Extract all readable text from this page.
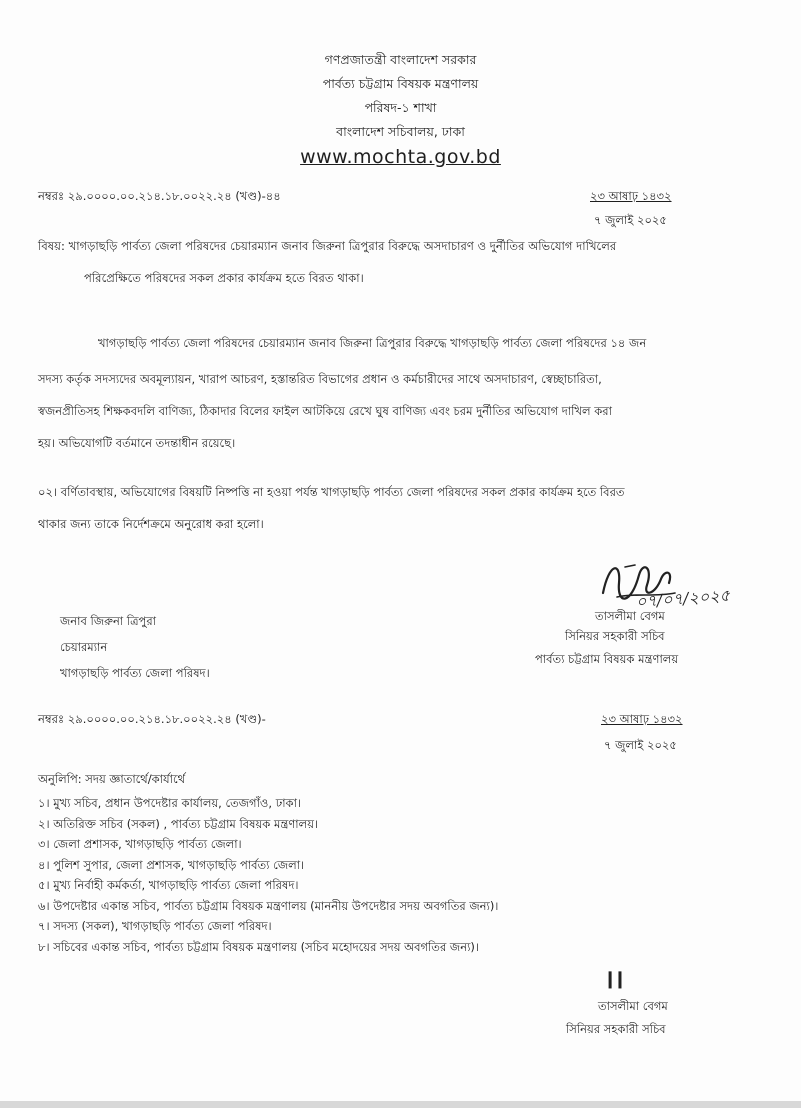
গণপ্রজাতন্ত্রী বাংলাদেশ সরকার
পার্বত্য চট্টগ্রাম বিষয়ক মন্ত্রণালয়
পরিষদ-১ শাখা
বাংলাদেশ সচিবালয়, ঢাকা
www.mochta.gov.bd
নম্বরঃ ২৯.০০০০.০০.২১৪.১৮.০০২২.২৪ (খণ্ড)-৪৪	২৩ আষাঢ় ১৪৩২
৭ জুলাই ২০২৫
বিষয়: খাগড়াছড়ি পার্বত্য জেলা পরিষদের চেয়ারম্যান জনাব জিরুনা ত্রিপুরার বিরুদ্ধে অসদাচারণ ও দুর্নীতির অভিযোগ দাখিলের
পরিপ্রেক্ষিতে পরিষদের সকল প্রকার কার্যক্রম হতে বিরত থাকা।
খাগড়াছড়ি পার্বত্য জেলা পরিষদের চেয়ারম্যান জনাব জিরুনা ত্রিপুরার বিরুদ্ধে খাগড়াছড়ি পার্বত্য জেলা পরিষদের ১৪ জন
সদস্য কর্তৃক সদস্যদের অবমূল্যায়ন, খারাপ আচরণ, হস্তান্তরিত বিভাগের প্রধান ও কর্মচারীদের সাথে অসদাচারণ, স্বেচ্ছাচারিতা,
স্বজনপ্রীতিসহ শিক্ষকবদলি বাণিজ্য, ঠিকাদার বিলের ফাইল আটকিয়ে রেখে ঘুষ বাণিজ্য এবং চরম দুর্নীতির অভিযোগ দাখিল করা
হয়। অভিযোগটি বর্তমানে তদন্তাধীন রয়েছে।
০২। বর্ণিতাবস্থায়, অভিযোগের বিষয়টি নিষ্পত্তি না হওয়া পর্যন্ত খাগড়াছড়ি পার্বত্য জেলা পরিষদের সকল প্রকার কার্যক্রম হতে বিরত
থাকার জন্য তাকে নির্দেশক্রমে অনুরোধ করা হলো।
০৭/০৭/২০২৫
তাসলীমা বেগম
সিনিয়র সহকারী সচিব
পার্বত্য চট্টগ্রাম বিষয়ক মন্ত্রণালয়
জনাব জিরুনা ত্রিপুরা
চেয়ারম্যান
খাগড়াছড়ি পার্বত্য জেলা পরিষদ।
নম্বরঃ ২৯.০০০০.০০.২১৪.১৮.০০২২.২৪ (খণ্ড)-	২৩ আষাঢ় ১৪৩২
৭ জুলাই ২০২৫
অনুলিপি: সদয় জ্ঞাতার্থে/কার্যার্থে
১। মুখ্য সচিব, প্রধান উপদেষ্টার কার্যালয়, তেজগাঁও, ঢাকা।
২। অতিরিক্ত সচিব (সকল) , পার্বত্য চট্টগ্রাম বিষয়ক মন্ত্রণালয়।
৩। জেলা প্রশাসক, খাগড়াছড়ি পার্বত্য জেলা।
৪। পুলিশ সুপার, জেলা প্রশাসক, খাগড়াছড়ি পার্বত্য জেলা।
৫। মুখ্য নির্বাহী কর্মকর্তা, খাগড়াছড়ি পার্বত্য জেলা পরিষদ।
৬। উপদেষ্টার একান্ত সচিব, পার্বত্য চট্টগ্রাম বিষয়ক মন্ত্রণালয় (মাননীয় উপদেষ্টার সদয় অবগতির জন্য)।
৭। সদস্য (সকল), খাগড়াছড়ি পার্বত্য জেলা পরিষদ।
৮। সচিবের একান্ত সচিব, পার্বত্য চট্টগ্রাম বিষয়ক মন্ত্রণালয় (সচিব মহোদয়ের সদয় অবগতির জন্য)।
।।
তাসলীমা বেগম
সিনিয়র সহকারী সচিব
